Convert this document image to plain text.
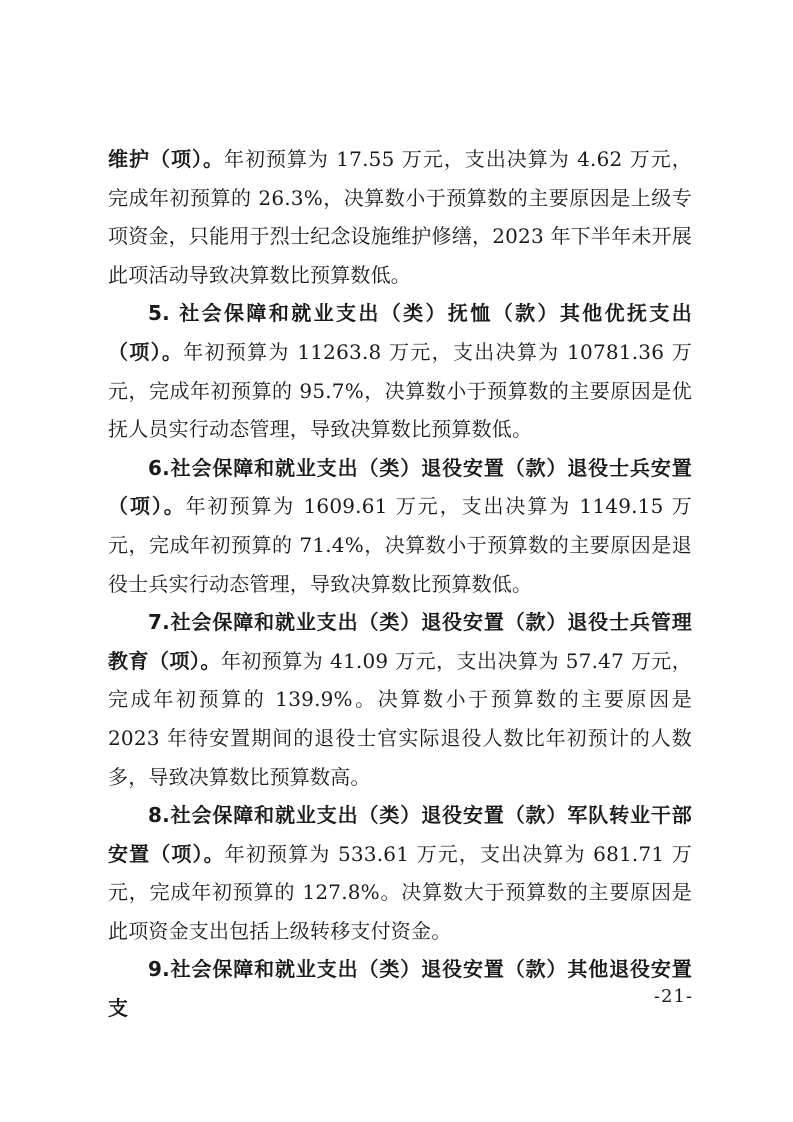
维护（项）。年初预算为 17.55 万元，支出决算为 4.62 万元，完成年初预算的 26.3%，决算数小于预算数的主要原因是上级专项资金，只能用于烈士纪念设施维护修缮，2023 年下半年未开展此项活动导致决算数比预算数低。

5. 社会保障和就业支出（类）抚恤（款）其他优抚支出（项）。年初预算为 11263.8 万元，支出决算为 10781.36 万元，完成年初预算的 95.7%，决算数小于预算数的主要原因是优抚人员实行动态管理，导致决算数比预算数低。

6.社会保障和就业支出（类）退役安置（款）退役士兵安置（项）。年初预算为 1609.61 万元，支出决算为 1149.15 万元，完成年初预算的 71.4%，决算数小于预算数的主要原因是退役士兵实行动态管理，导致决算数比预算数低。

7.社会保障和就业支出（类）退役安置（款）退役士兵管理教育（项）。年初预算为 41.09 万元，支出决算为 57.47 万元，完成年初预算的 139.9%。决算数小于预算数的主要原因是 2023 年待安置期间的退役士官实际退役人数比年初预计的人数多，导致决算数比预算数高。

8.社会保障和就业支出（类）退役安置（款）军队转业干部安置（项）。年初预算为 533.61 万元，支出决算为 681.71 万元，完成年初预算的 127.8%。决算数大于预算数的主要原因是此项资金支出包括上级转移支付资金。

9.社会保障和就业支出（类）退役安置（款）其他退役安置支	-21-
